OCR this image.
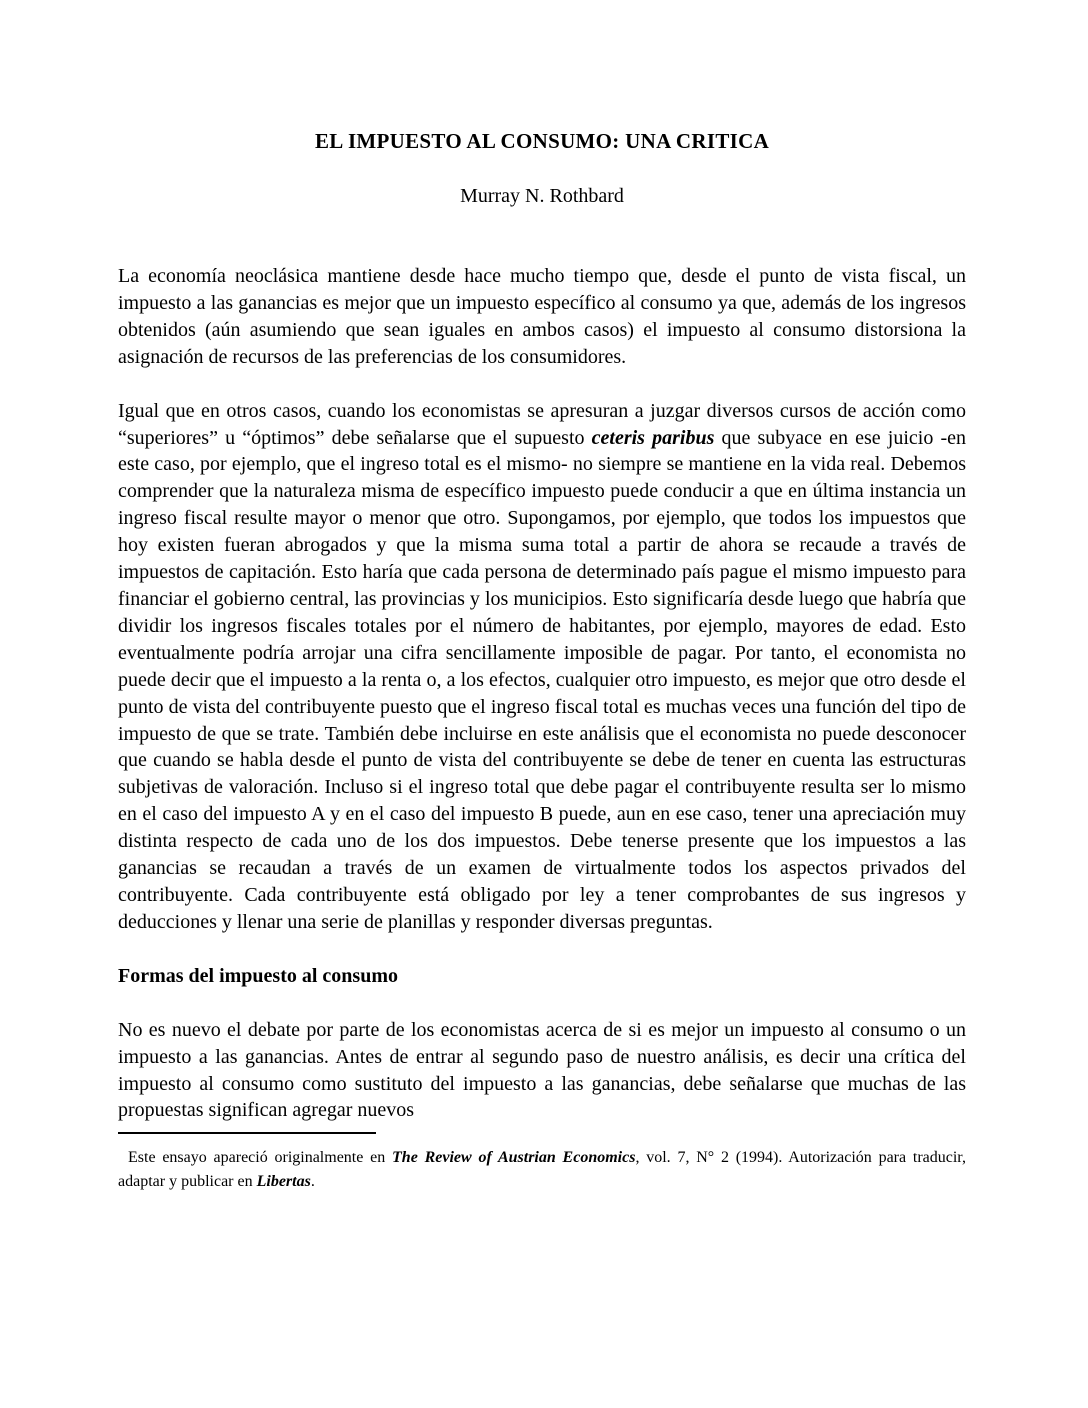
EL IMPUESTO AL CONSUMO: UNA CRITICA

Murray N. Rothbard

La economía neoclásica mantiene desde hace mucho tiempo que, desde el punto de vista fiscal, un impuesto a las ganancias es mejor que un impuesto específico al consumo ya que, además de los ingresos obtenidos (aún asumiendo que sean iguales en ambos casos) el impuesto al consumo distorsiona la asignación de recursos de las preferencias de los consumidores.

Igual que en otros casos, cuando los economistas se apresuran a juzgar diversos cursos de acción como “superiores” u “óptimos” debe señalarse que el supuesto ceteris paribus que subyace en ese juicio -en este caso, por ejemplo, que el ingreso total es el mismo- no siempre se mantiene en la vida real. Debemos comprender que la naturaleza misma de específico impuesto puede conducir a que en última instancia un ingreso fiscal resulte mayor o menor que otro. Supongamos, por ejemplo, que todos los impuestos que hoy existen fueran abrogados y que la misma suma total a partir de ahora se recaude a través de impuestos de capitación. Esto haría que cada persona de determinado país pague el mismo impuesto para financiar el gobierno central, las provincias y los municipios. Esto significaría desde luego que habría que dividir los ingresos fiscales totales por el número de habitantes, por ejemplo, mayores de edad. Esto eventualmente podría arrojar una cifra sencillamente imposible de pagar. Por tanto, el economista no puede decir que el impuesto a la renta o, a los efectos, cualquier otro impuesto, es mejor que otro desde el punto de vista del contribuyente puesto que el ingreso fiscal total es muchas veces una función del tipo de impuesto de que se trate. También debe incluirse en este análisis que el economista no puede desconocer que cuando se habla desde el punto de vista del contribuyente se debe de tener en cuenta las estructuras subjetivas de valoración. Incluso si el ingreso total que debe pagar el contribuyente resulta ser lo mismo en el caso del impuesto A y en el caso del impuesto B puede, aun en ese caso, tener una apreciación muy distinta respecto de cada uno de los dos impuestos. Debe tenerse presente que los impuestos a las ganancias se recaudan a través de un examen de virtualmente todos los aspectos privados del contribuyente. Cada contribuyente está obligado por ley a tener comprobantes de sus ingresos y deducciones y llenar una serie de planillas y responder diversas preguntas.

Formas del impuesto al consumo

No es nuevo el debate por parte de los economistas acerca de si es mejor un impuesto al consumo o un impuesto a las ganancias. Antes de entrar al segundo paso de nuestro análisis, es decir una crítica del impuesto al consumo como sustituto del impuesto a las ganancias, debe señalarse que muchas de las propuestas significan agregar nuevos

Este ensayo apareció originalmente en The Review of Austrian Economics, vol. 7, N° 2 (1994). Autorización para traducir, adaptar y publicar en Libertas.
